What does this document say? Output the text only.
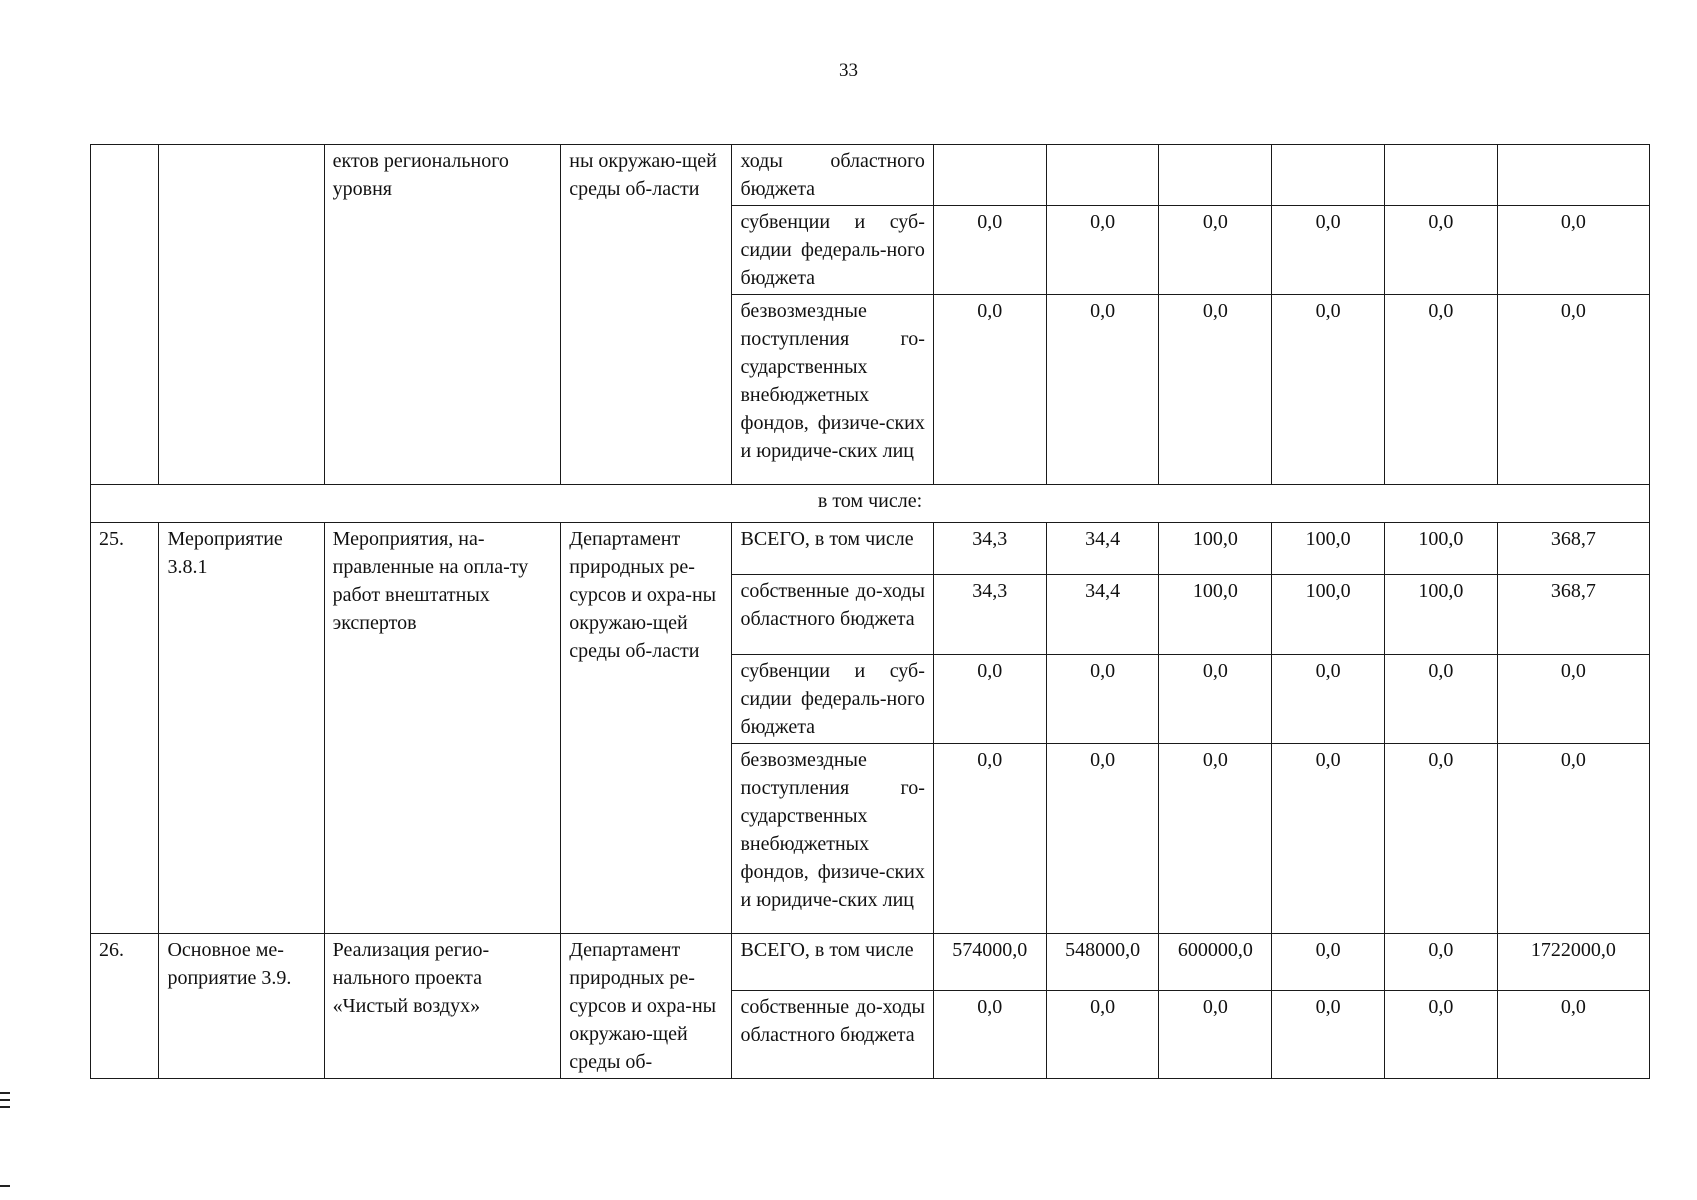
33
		ектов регионального уровня	ны окружаю-щей среды об-ласти	ходы областного бюджета						
				субвенции и суб-сидии федераль-ного бюджета	0,0	0,0	0,0	0,0	0,0	0,0
				безвозмездные поступления го-сударственных внебюджетных фондов, физиче-ских и юридиче-ских лиц	0,0	0,0	0,0	0,0	0,0	0,0
в том числе:										
25.	Мероприятие 3.8.1	Мероприятия, на-правленные на опла-ту работ внештатных экспертов	Департамент природных ре-сурсов и охра-ны окружаю-щей среды об-ласти	ВСЕГО, в том числе	34,3	34,4	100,0	100,0	100,0	368,7
				собственные до-ходы областного бюджета	34,3	34,4	100,0	100,0	100,0	368,7
				субвенции и суб-сидии федераль-ного бюджета	0,0	0,0	0,0	0,0	0,0	0,0
				безвозмездные поступления го-сударственных внебюджетных фондов, физиче-ских и юридиче-ских лиц	0,0	0,0	0,0	0,0	0,0	0,0
26.	Основное ме-роприятие 3.9.	Реализация регио-нального проекта «Чистый воздух»	Департамент природных ре-сурсов и охра-ны окружаю-щей среды об-	ВСЕГО, в том числе	574000,0	548000,0	600000,0	0,0	0,0	1722000,0
				собственные до-ходы областного бюджета	0,0	0,0	0,0	0,0	0,0	0,0
